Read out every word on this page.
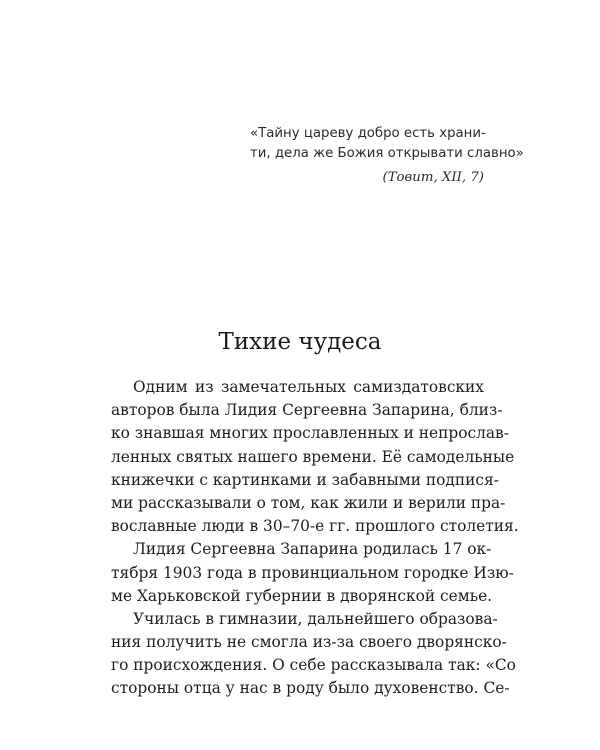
«Тайну цареву добро есть храни-
ти, дела же Божия открывати славно»
(Товит, XII, 7)
Тихие чудеса
Одним из замечательных самиздатовских
авторов была Лидия Сергеевна Запарина, близ-
ко знавшая многих прославленных и непрослав-
ленных святых нашего времени. Её самодельные
книжечки с картинками и забавными подпися-
ми рассказывали о том, как жили и верили пра-
вославные люди в 30–70-е гг. прошлого столетия.
Лидия Сергеевна Запарина родилась 17 ок-
тября 1903 года в провинциальном городке Изю-
ме Харьковской губернии в дворянской семье.
Училась в гимназии, дальнейшего образова-
ния получить не смогла из-за своего дворянско-
го происхождения. О себе рассказывала так: «Со
стороны отца у нас в роду было духовенство. Се-
